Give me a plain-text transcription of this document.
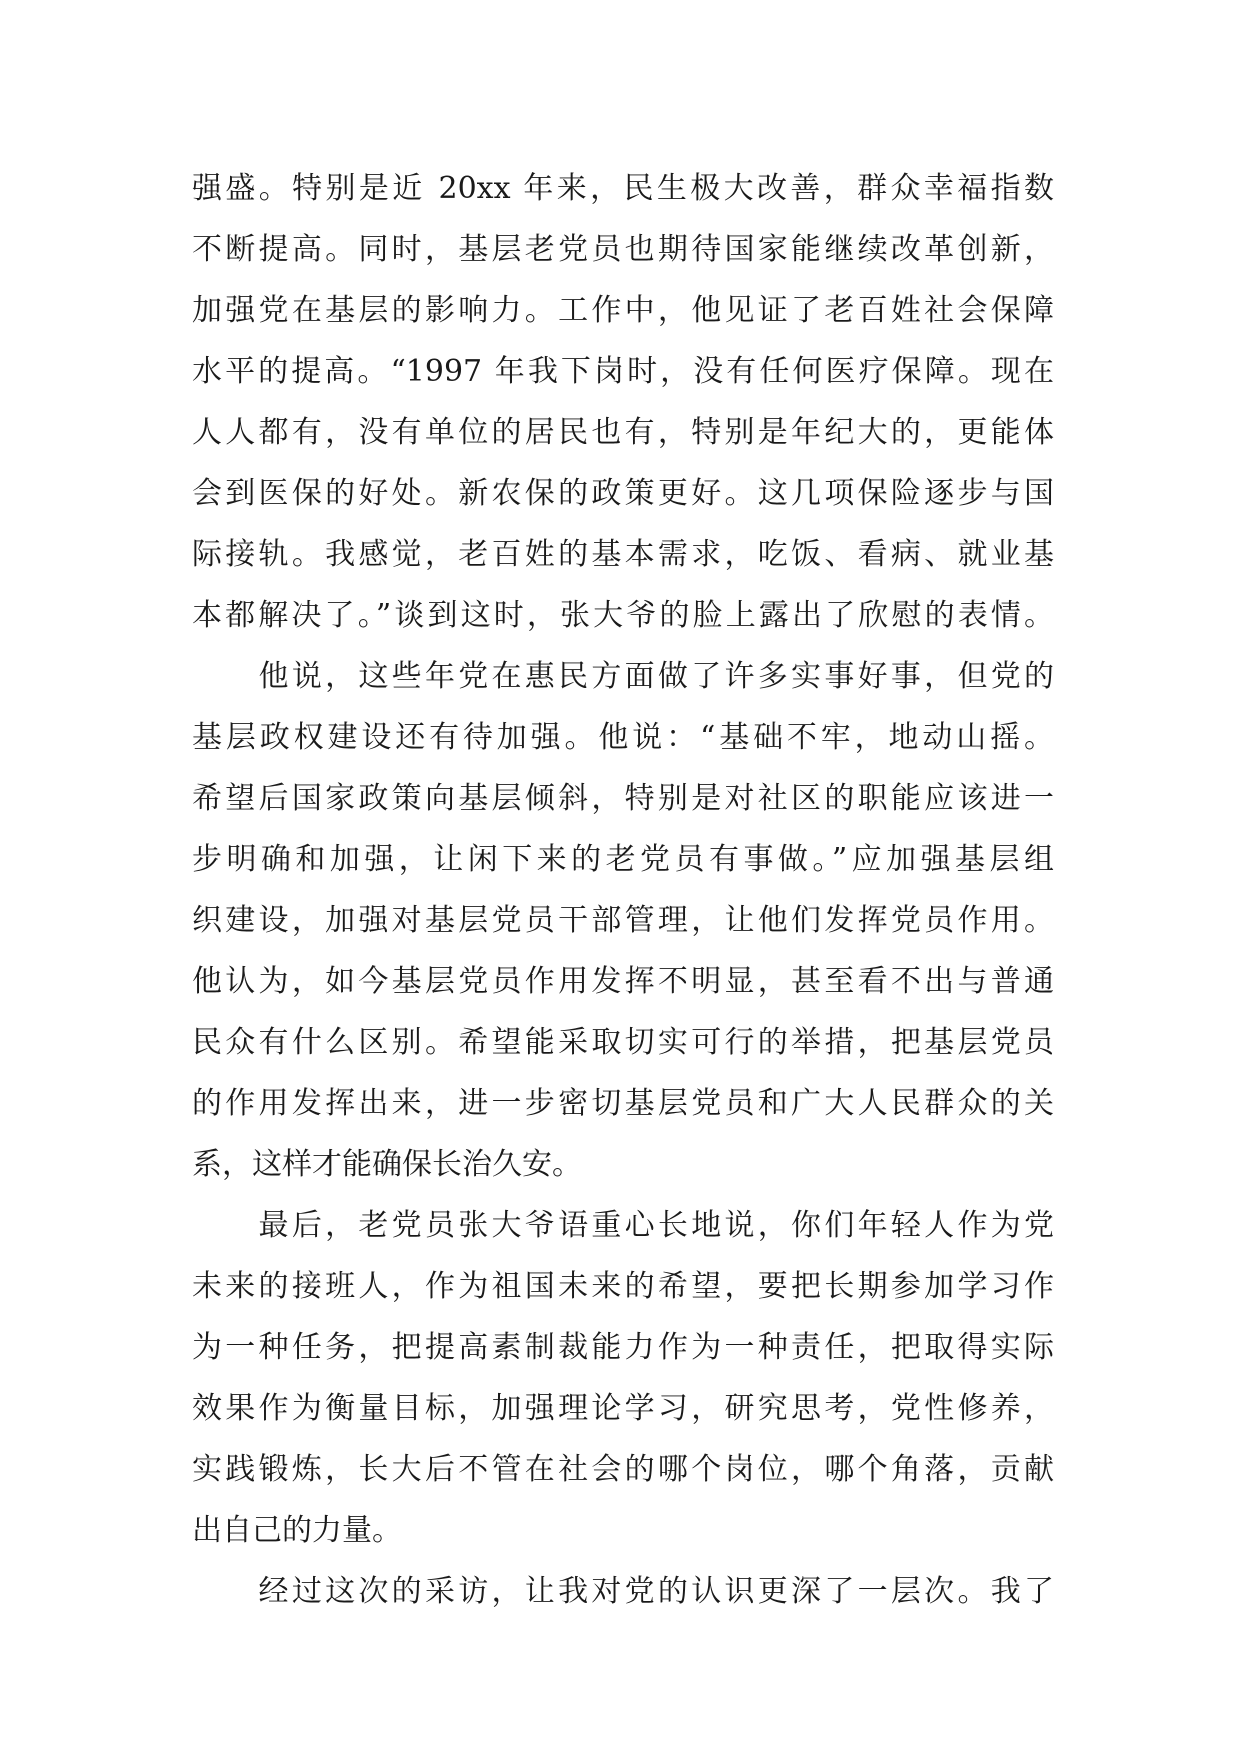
强盛。特别是近 20xx 年来，民生极大改善，群众幸福指数
不断提高。同时，基层老党员也期待国家能继续改革创新，
加强党在基层的影响力。工作中，他见证了老百姓社会保障
水平的提高。“1997 年我下岗时，没有任何医疗保障。现在
人人都有，没有单位的居民也有，特别是年纪大的，更能体
会到医保的好处。新农保的政策更好。这几项保险逐步与国
际接轨。我感觉，老百姓的基本需求，吃饭、看病、就业基
本都解决了。”谈到这时，张大爷的脸上露出了欣慰的表情。
　　他说，这些年党在惠民方面做了许多实事好事，但党的
基层政权建设还有待加强。他说：“基础不牢，地动山摇。
希望后国家政策向基层倾斜，特别是对社区的职能应该进一
步明确和加强，让闲下来的老党员有事做。”应加强基层组
织建设，加强对基层党员干部管理，让他们发挥党员作用。
他认为，如今基层党员作用发挥不明显，甚至看不出与普通
民众有什么区别。希望能采取切实可行的举措，把基层党员
的作用发挥出来，进一步密切基层党员和广大人民群众的关
系，这样才能确保长治久安。
　　最后，老党员张大爷语重心长地说，你们年轻人作为党
未来的接班人，作为祖国未来的希望，要把长期参加学习作
为一种任务，把提高素制裁能力作为一种责任，把取得实际
效果作为衡量目标，加强理论学习，研究思考，党性修养，
实践锻炼，长大后不管在社会的哪个岗位，哪个角落，贡献
出自己的力量。
　　经过这次的采访，让我对党的认识更深了一层次。我了
